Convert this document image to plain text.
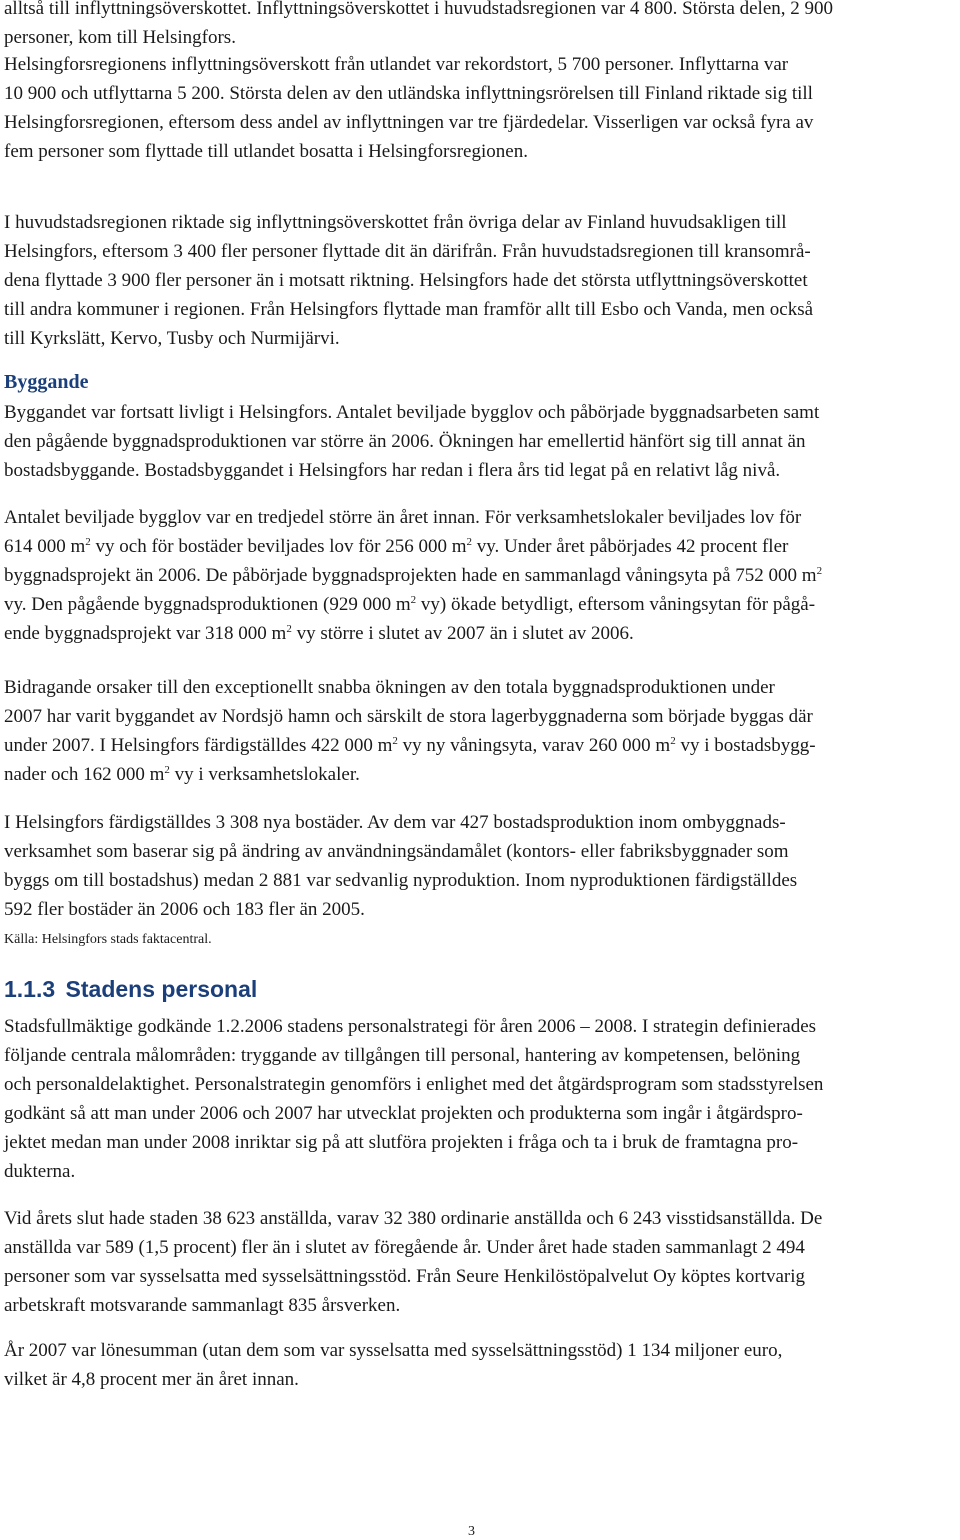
alltså till inflyttningsöverskottet. Inflyttningsöverskottet i huvudstadsregionen var 4 800. Största delen, 2 900
personer, kom till Helsingfors.

Helsingforsregionens inflyttningsöverskott från utlandet var rekordstort, 5 700 personer. Inflyttarna var
10 900 och utflyttarna 5 200. Största delen av den utländska inflyttningsrörelsen till Finland riktade sig till
Helsingforsregionen, eftersom dess andel av inflyttningen var tre fjärdedelar. Visserligen var också fyra av
fem personer som flyttade till utlandet bosatta i Helsingforsregionen.

I huvudstadsregionen riktade sig inflyttningsöverskottet från övriga delar av Finland huvudsakligen till
Helsingfors, eftersom 3 400 fler personer flyttade dit än därifrån. Från huvudstadsregionen till kransområ-
dena flyttade 3 900 fler personer än i motsatt riktning. Helsingfors hade det största utflyttningsöverskottet
till andra kommuner i regionen. Från Helsingfors flyttade man framför allt till Esbo och Vanda, men också
till Kyrkslätt, Kervo, Tusby och Nurmijärvi.

Byggande

Byggandet var fortsatt livligt i Helsingfors. Antalet beviljade bygglov och påbörjade byggnadsarbeten samt
den pågående byggnadsproduktionen var större än 2006. Ökningen har emellertid hänfört sig till annat än
bostadsbyggande. Bostadsbyggandet i Helsingfors har redan i flera års tid legat på en relativt låg nivå.

Antalet beviljade bygglov var en tredjedel större än året innan. För verksamhetslokaler beviljades lov för
614 000 $m^2$ vy och för bostäder beviljades lov för 256 000 $m^2$ vy. Under året påbörjades 42 procent fler
byggnadsprojekt än 2006. De påbörjade byggnadsprojekten hade en sammanlagd våningsyta på 752 000 $m^2$
vy. Den pågående byggnadsproduktionen (929 000 $m^2$ vy) ökade betydligt, eftersom våningsytan för pågå-
ende byggnadsprojekt var 318 000 $m^2$ vy större i slutet av 2007 än i slutet av 2006.

Bidragande orsaker till den exceptionellt snabba ökningen av den totala byggnadsproduktionen under
2007 har varit byggandet av Nordsjö hamn och särskilt de stora lagerbyggnaderna som började byggas där
under 2007. I Helsingfors färdigställdes 422 000 $m^2$ vy ny våningsyta, varav 260 000 $m^2$ vy i bostadsbygg-
nader och 162 000 $m^2$ vy i verksamhetslokaler.

I Helsingfors färdigställdes 3 308 nya bostäder. Av dem var 427 bostadsproduktion inom ombyggnads-
verksamhet som baserar sig på ändring av användningsändamålet (kontors- eller fabriksbyggnader som
byggs om till bostadshus) medan 2 881 var sedvanlig nyproduktion. Inom nyproduktionen färdigställdes
592 fler bostäder än 2006 och 183 fler än 2005.

Källa: Helsingfors stads faktacentral.

1.1.3 Stadens personal

Stadsfullmäktige godkände 1.2.2006 stadens personalstrategi för åren 2006 – 2008. I strategin definierades
följande centrala målområden: tryggande av tillgången till personal, hantering av kompetensen, belöning
och personaldelaktighet. Personalstrategin genomförs i enlighet med det åtgärdsprogram som stadsstyrelsen
godkänt så att man under 2006 och 2007 har utvecklat projekten och produkterna som ingår i åtgärdspro-
jektet medan man under 2008 inriktar sig på att slutföra projekten i fråga och ta i bruk de framtagna pro-
dukterna.

Vid årets slut hade staden 38 623 anställda, varav 32 380 ordinarie anställda och 6 243 visstidsanställda. De
anställda var 589 (1,5 procent) fler än i slutet av föregående år. Under året hade staden sammanlagt 2 494
personer som var sysselsatta med sysselsättningsstöd. Från Seure Henkilöstöpalvelut Oy köptes kortvarig
arbetskraft motsvarande sammanlagt 835 årsverken.

År 2007 var lönesumman (utan dem som var sysselsatta med sysselsättningsstöd) 1 134 miljoner euro,
vilket är 4,8 procent mer än året innan.

3
